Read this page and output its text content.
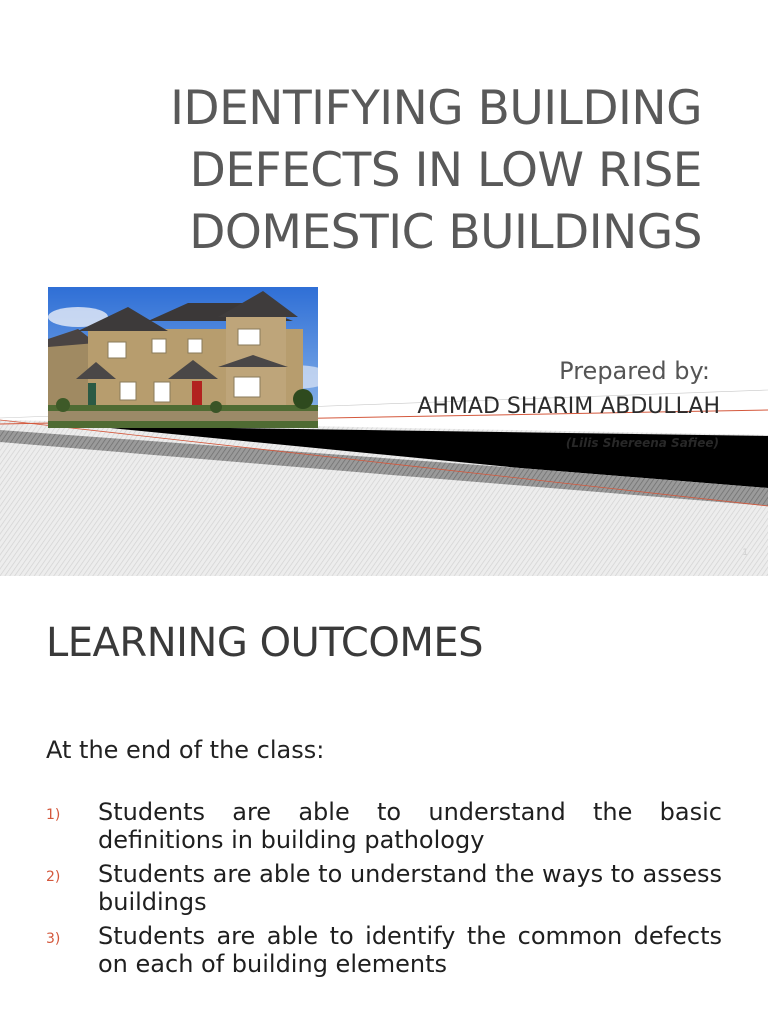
IDENTIFYING BUILDING
DEFECTS IN LOW RISE
DOMESTIC BUILDINGS
Prepared by:
AHMAD SHARIM ABDULLAH
(Lilis Shereena Safiee)
1
LEARNING OUTCOMES
At the end of the class:
1) Students are able to understand the basic definitions in building pathology
2) Students are able to understand the ways to assess buildings
3) Students are able to identify the common defects on each of building elements
